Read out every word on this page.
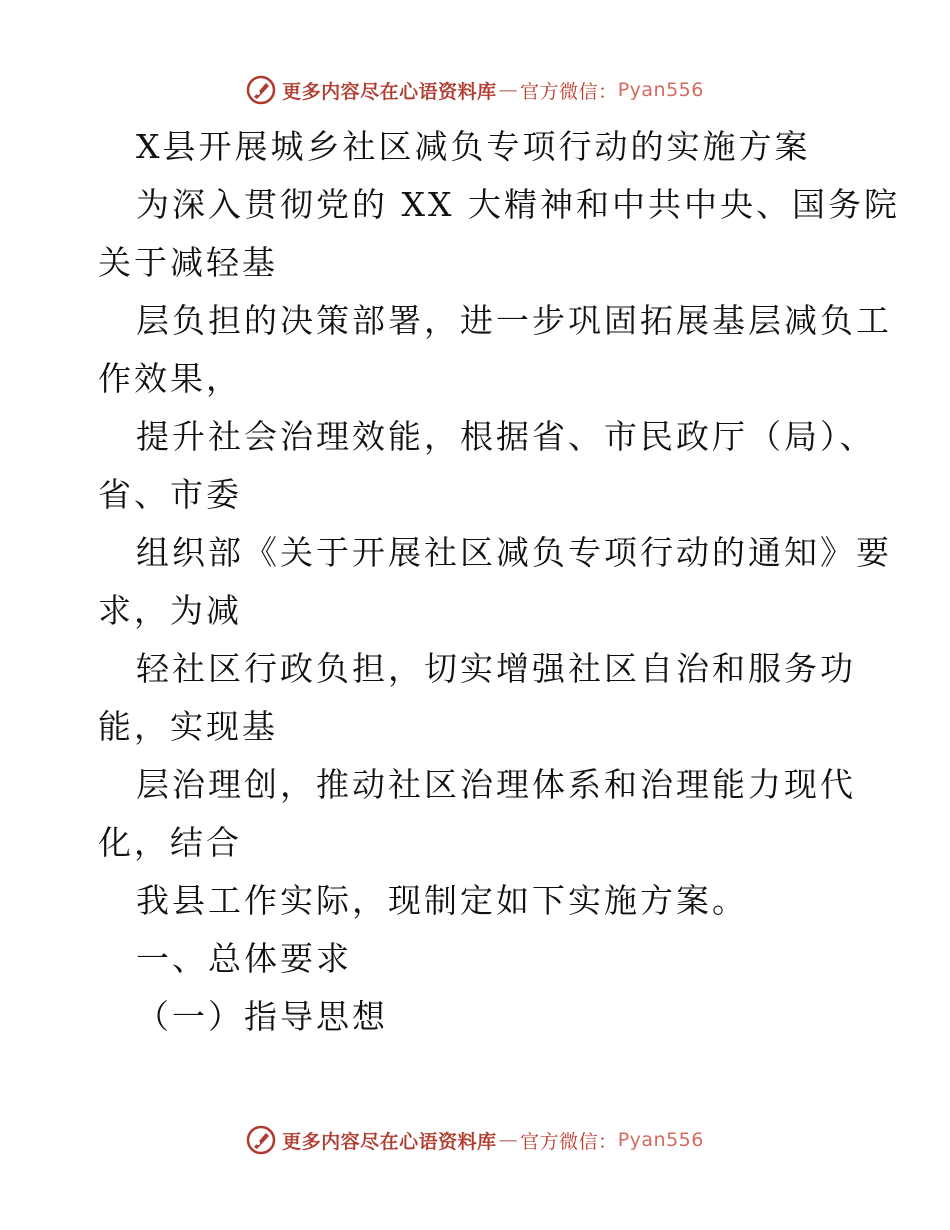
更多内容尽在心语资料库 — 官方微信： Pyan556
X县开展城乡社区减负专项行动的实施方案
为深入贯彻党的 XX 大精神和中共中央、国务院
关于减轻基
层负担的决策部署，进一步巩固拓展基层减负工
作效果，
提升社会治理效能，根据省、市民政厅（局）、
省、市委
组织部《关于开展社区减负专项行动的通知》要
求，为减
轻社区行政负担，切实增强社区自治和服务功
能，实现基
层治理创，推动社区治理体系和治理能力现代
化，结合
我县工作实际，现制定如下实施方案。
一、总体要求
（一）指导思想
更多内容尽在心语资料库 — 官方微信： Pyan556
